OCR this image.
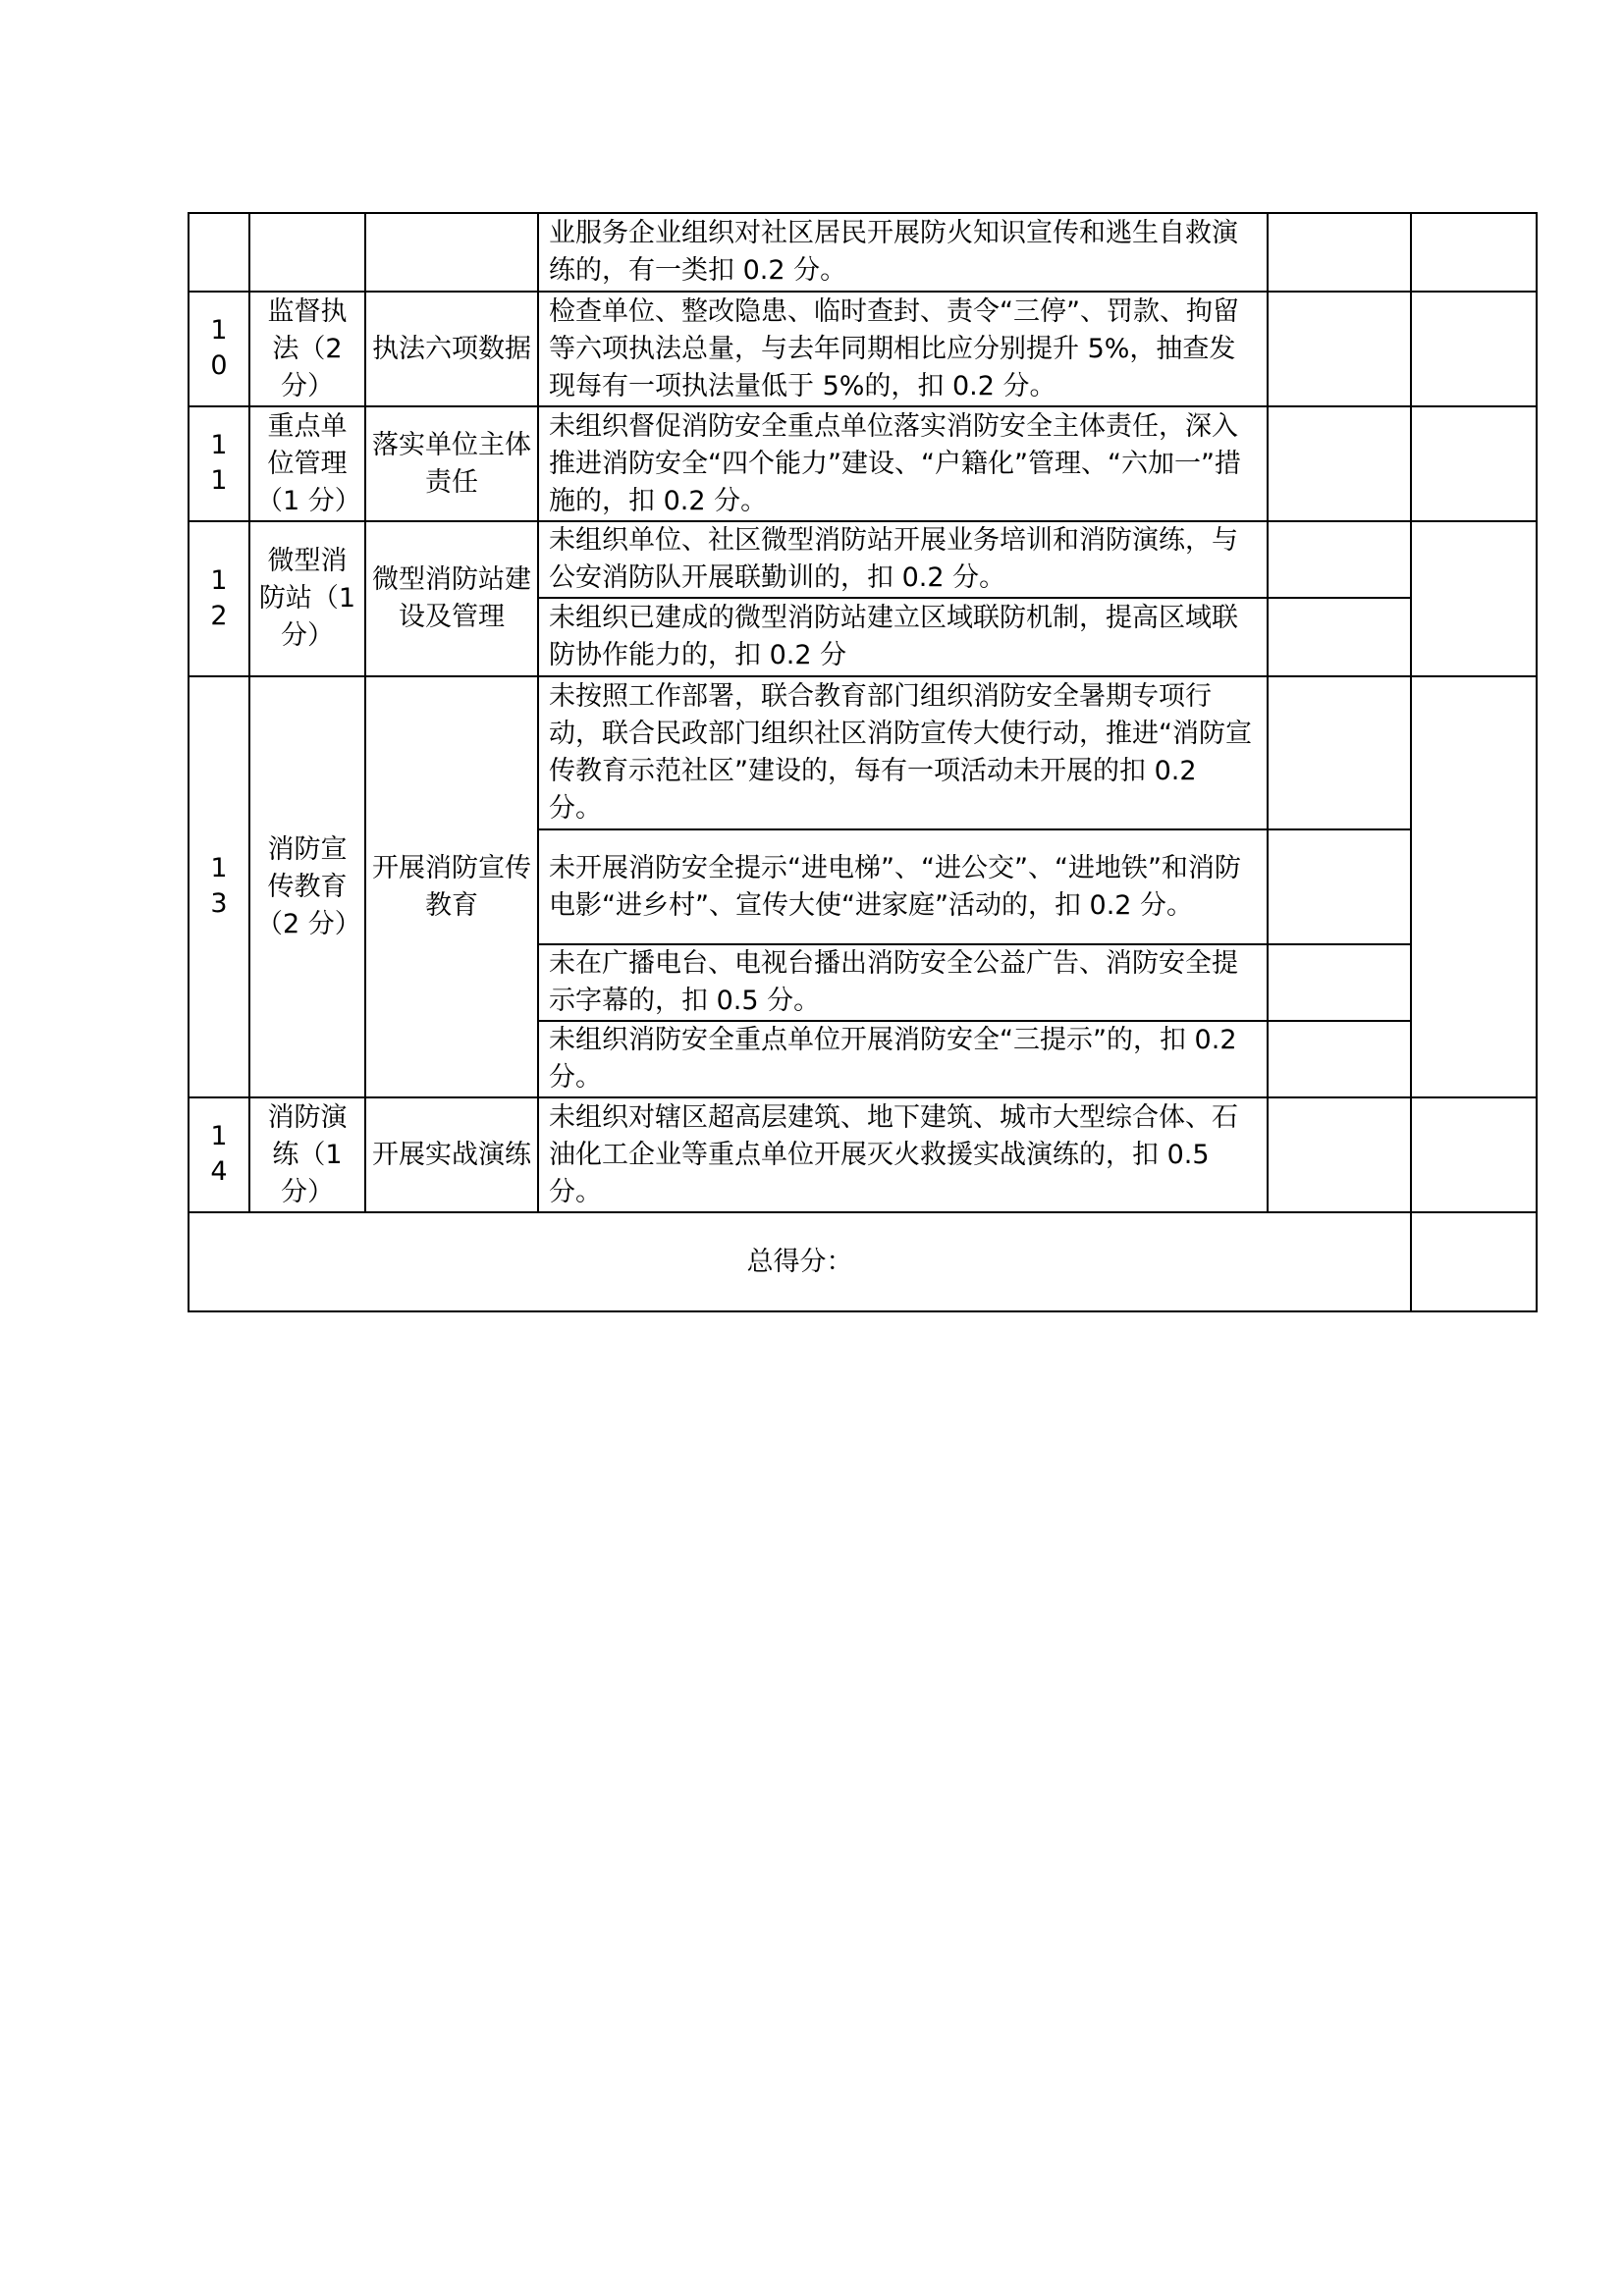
			业服务企业组织对社区居民开展防火知识宣传和逃生自救演练的，有一类扣 0.2 分。		
10	监督执法（2 分）	执法六项数据	检查单位、整改隐患、临时查封、责令“三停”、罚款、拘留等六项执法总量，与去年同期相比应分别提升 5%，抽查发现每有一项执法量低于 5%的，扣 0.2 分。		
11	重点单位管理（1 分）	落实单位主体责任	未组织督促消防安全重点单位落实消防安全主体责任，深入推进消防安全“四个能力”建设、“户籍化”管理、“六加一”措施的，扣 0.2 分。		
12	微型消防站（1 分）	微型消防站建设及管理	未组织单位、社区微型消防站开展业务培训和消防演练，与公安消防队开展联勤训的，扣 0.2 分。		
			未组织已建成的微型消防站建立区域联防机制，提高区域联防协作能力的，扣 0.2 分		
13	消防宣传教育（2 分）	开展消防宣传教育	未按照工作部署，联合教育部门组织消防安全暑期专项行动，联合民政部门组织社区消防宣传大使行动，推进“消防宣传教育示范社区”建设的，每有一项活动未开展的扣 0.2 分。		
			未开展消防安全提示“进电梯”、“进公交”、“进地铁”和消防电影“进乡村”、宣传大使“进家庭”活动的，扣 0.2 分。		
			未在广播电台、电视台播出消防安全公益广告、消防安全提示字幕的，扣 0.5 分。		
			未组织消防安全重点单位开展消防安全“三提示”的，扣 0.2 分。		
14	消防演练（1 分）	开展实战演练	未组织对辖区超高层建筑、地下建筑、城市大型综合体、石油化工企业等重点单位开展灭火救援实战演练的，扣 0.5 分。		
总得分：					
